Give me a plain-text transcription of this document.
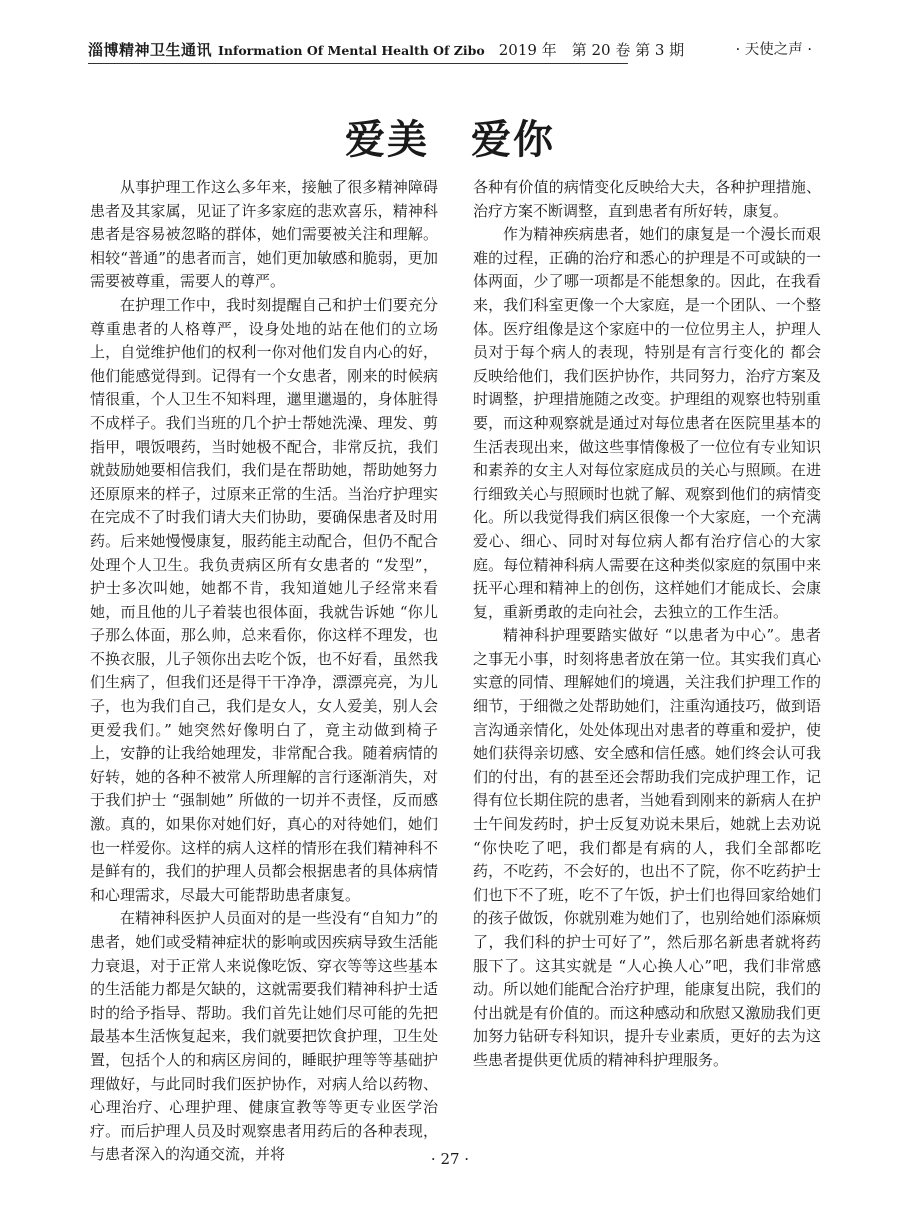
淄博精神卫生通讯 Information Of Mental Health Of Zibo 2019 年　第 20 卷 第 3 期	· 天使之声 ·
爱美　爱你

从事护理工作这么多年来，接触了很多精神障碍患者及其家属，见证了许多家庭的悲欢喜乐，精神科患者是容易被忽略的群体，她们需要被关注和理解。相较“普通”的患者而言，她们更加敏感和脆弱，更加需要被尊重，需要人的尊严。

在护理工作中，我时刻提醒自己和护士们要充分尊重患者的人格尊严，设身处地的站在他们的立场上，自觉维护他们的权利一你对他们发自内心的好，他们能感觉得到。记得有一个女患者，刚来的时候病情很重，个人卫生不知料理，邋里邋遢的，身体脏得不成样子。我们当班的几个护士帮她洗澡、理发、剪指甲，喂饭喂药，当时她极不配合，非常反抗，我们就鼓励她要相信我们，我们是在帮助她，帮助她努力还原原来的样子，过原来正常的生活。当治疗护理实在完成不了时我们请大夫们协助，要确保患者及时用药。后来她慢慢康复，服药能主动配合，但仍不配合处理个人卫生。我负责病区所有女患者的 “发型”，护士多次叫她，她都不肯，我知道她儿子经常来看她，而且他的儿子着装也很体面，我就告诉她 “你儿子那么体面，那么帅，总来看你，你这样不理发，也不换衣服，儿子领你出去吃个饭，也不好看，虽然我们生病了，但我们还是得干干净净，漂漂亮亮，为儿子，也为我们自己，我们是女人，女人爱美，别人会更爱我们。” 她突然好像明白了，竟主动做到椅子上，安静的让我给她理发，非常配合我。随着病情的好转，她的各种不被常人所理解的言行逐渐消失，对于我们护士 “强制她” 所做的一切并不责怪，反而感激。真的，如果你对她们好，真心的对待她们，她们也一样爱你。这样的病人这样的情形在我们精神科不是鲜有的，我们的护理人员都会根据患者的具体病情和心理需求，尽最大可能帮助患者康复。

在精神科医护人员面对的是一些没有“自知力”的患者，她们或受精神症状的影响或因疾病导致生活能力衰退，对于正常人来说像吃饭、穿衣等等这些基本的生活能力都是欠缺的，这就需要我们精神科护士适时的给予指导、帮助。我们首先让她们尽可能的先把最基本生活恢复起来，我们就要把饮食护理，卫生处置，包括个人的和病区房间的，睡眠护理等等基础护理做好，与此同时我们医护协作，对病人给以药物、心理治疗、心理护理、健康宣教等等更专业医学治疗。而后护理人员及时观察患者用药后的各种表现，与患者深入的沟通交流，并将

各种有价值的病情变化反映给大夫，各种护理措施、治疗方案不断调整，直到患者有所好转，康复。

作为精神疾病患者，她们的康复是一个漫长而艰难的过程，正确的治疗和悉心的护理是不可或缺的一体两面，少了哪一项都是不能想象的。因此，在我看来，我们科室更像一个大家庭，是一个团队、一个整体。医疗组像是这个家庭中的一位位男主人，护理人员对于每个病人的表现，特别是有言行变化的 都会反映给他们，我们医护协作，共同努力，治疗方案及时调整，护理措施随之改变。护理组的观察也特别重要，而这种观察就是通过对每位患者在医院里基本的生活表现出来，做这些事情像极了一位位有专业知识和素养的女主人对每位家庭成员的关心与照顾。在进行细致关心与照顾时也就了解、观察到他们的病情变化。所以我觉得我们病区很像一个大家庭，一个充满爱心、细心、同时对每位病人都有治疗信心的大家庭。每位精神科病人需要在这种类似家庭的氛围中来抚平心理和精神上的创伤，这样她们才能成长、会康复，重新勇敢的走向社会，去独立的工作生活。

精神科护理要踏实做好 “以患者为中心”。患者之事无小事，时刻将患者放在第一位。其实我们真心实意的同情、理解她们的境遇，关注我们护理工作的细节，于细微之处帮助她们，注重沟通技巧，做到语言沟通亲情化，处处体现出对患者的尊重和爱护，使她们获得亲切感、安全感和信任感。她们终会认可我们的付出，有的甚至还会帮助我们完成护理工作，记得有位长期住院的患者，当她看到刚来的新病人在护士午间发药时，护士反复劝说未果后，她就上去劝说 “你快吃了吧，我们都是有病的人，我们全部都吃药，不吃药，不会好的，也出不了院，你不吃药护士们也下不了班，吃不了午饭，护士们也得回家给她们的孩子做饭，你就别难为她们了，也别给她们添麻烦了，我们科的护士可好了”，然后那名新患者就将药服下了。这其实就是 “人心换人心”吧，我们非常感动。所以她们能配合治疗护理，能康复出院，我们的付出就是有价值的。而这种感动和欣慰又激励我们更加努力钻研专科知识，提升专业素质，更好的去为这些患者提供更优质的精神科护理服务。

· 27 ·
